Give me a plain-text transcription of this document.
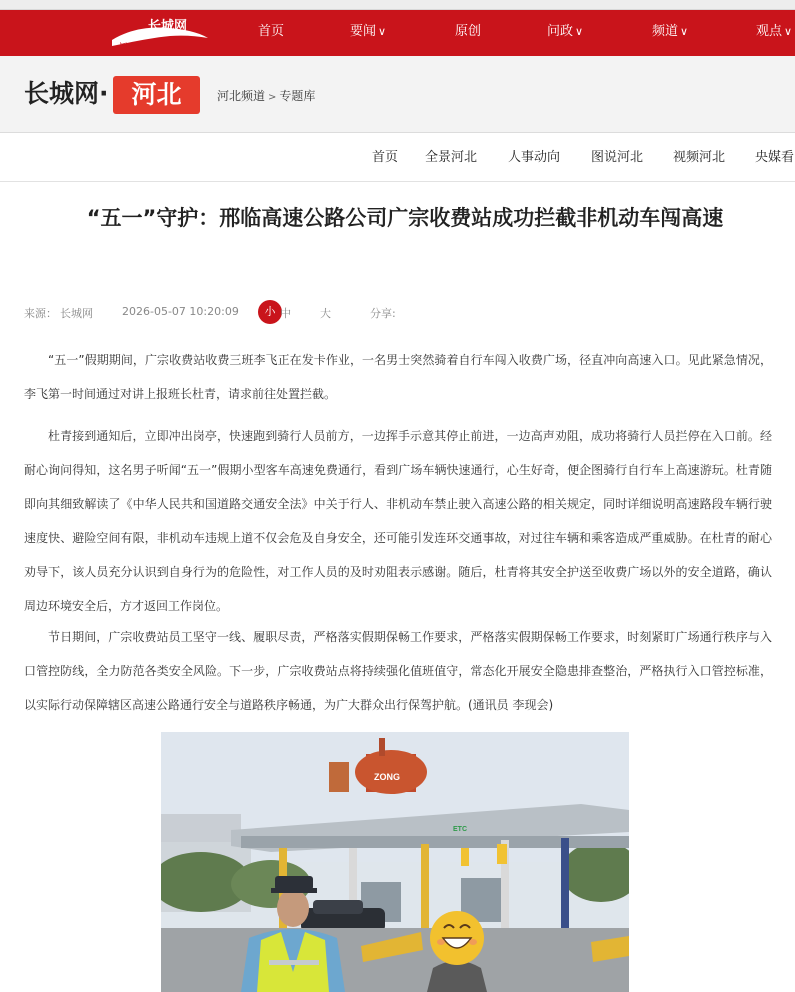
长城网
hebcw.cn
首页	要闻 ∨	原创	问政 ∨	频道 ∨	观点 ∨
长城网· 河北	河北频道 > 专题库
首页 全景河北 人事动向 图说河北 视频河北 央媒看
“五一”守护：邢临高速公路公司广宗收费站成功拦截非机动车闯高速
来源： 长城网	2026-05-07 10:20:09	小 中	大	分享:

“五一”假期期间，广宗收费站收费三班李飞正在发卡作业，一名男士突然骑着自行车闯入收费广场，径直冲向高速入口。见此紧急情况，李飞第一时间通过对讲上报班长杜青，请求前往处置拦截。

杜青接到通知后，立即冲出岗亭，快速跑到骑行人员前方，一边挥手示意其停止前进，一边高声劝阻，成功将骑行人员拦停在入口前。经耐心询问得知，这名男子听闻“五一”假期小型客车高速免费通行，看到广场车辆快速通行，心生好奇，便企图骑行自行车上高速游玩。杜青随即向其细致解读了《中华人民共和国道路交通安全法》中关于行人、非机动车禁止驶入高速公路的相关规定，同时详细说明高速路段车辆行驶速度快、避险空间有限，非机动车违规上道不仅会危及自身安全，还可能引发连环交通事故，对过往车辆和乘客造成严重威胁。在杜青的耐心劝导下，该人员充分认识到自身行为的危险性，对工作人员的及时劝阻表示感谢。随后，杜青将其安全护送至收费广场以外的安全道路，确认周边环境安全后，方才返回工作岗位。

节日期间，广宗收费站员工坚守一线、履职尽责，严格落实假期保畅工作要求，严格落实假期保畅工作要求，时刻紧盯广场通行秩序与入口管控防线，全力防范各类安全风险。下一步，广宗收费站点将持续强化值班值守，常态化开展安全隐患排查整治，严格执行入口管控标准，以实际行动保障辖区高速公路通行安全与道路秩序畅通，为广大群众出行保驾护航。(通讯员 李现会)

ZONG
ETC
